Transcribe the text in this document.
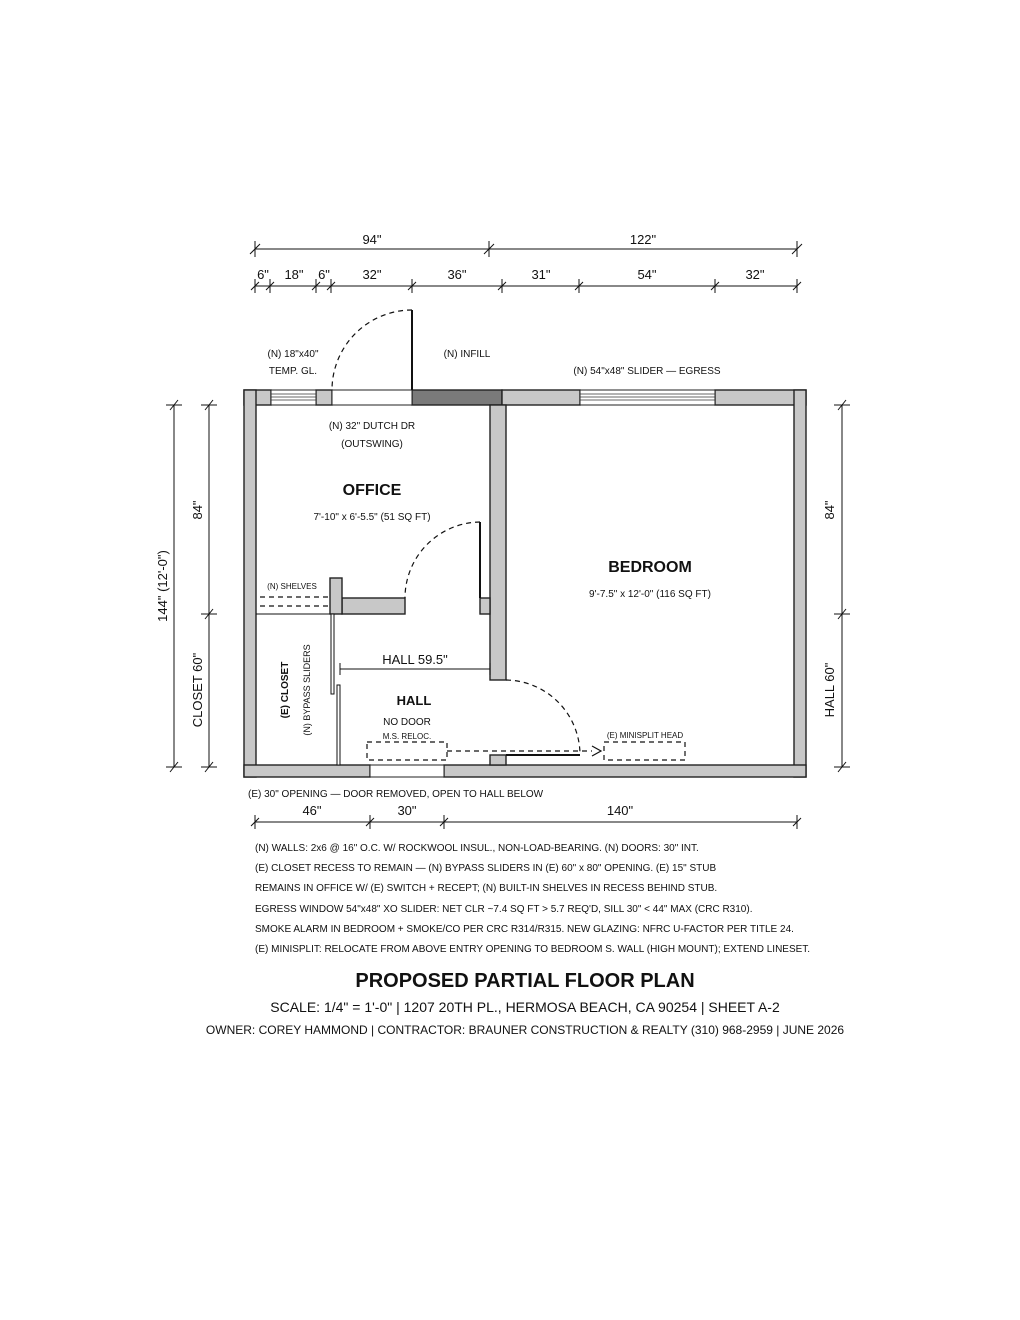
94"	122"
6" 18" 6"	32"	36"	31"	54"	32"
144" (12'-0")
84"
CLOSET 60"
84"
HALL 60"
46"	30"	140"
(N) 18"x40"
TEMP. GL.
(N) INFILL
(N) 54"x48" SLIDER — EGRESS
(N) 32" DUTCH DR
(OUTSWING)
OFFICE
7'-10" x 6'-5.5" (51 SQ FT)
BEDROOM
9'-7.5" x 12'-0" (116 SQ FT)
HALL
(N) SHELVES
(E) CLOSET (N) BYPASS SLIDERS	HALL 59.5"
NO DOOR
M.S. RELOC.	(E) MINISPLIT HEAD
(E) 30" OPENING — DOOR REMOVED, OPEN TO HALL BELOW
(N) WALLS: 2x6 @ 16" O.C. W/ ROCKWOOL INSUL., NON-LOAD-BEARING. (N) DOORS: 30" INT.
(E) CLOSET RECESS TO REMAIN — (N) BYPASS SLIDERS IN (E) 60" x 80" OPENING. (E) 15" STUB
REMAINS IN OFFICE W/ (E) SWITCH + RECEPT; (N) BUILT-IN SHELVES IN RECESS BEHIND STUB.
EGRESS WINDOW 54"x48" XO SLIDER: NET CLR ~7.4 SQ FT > 5.7 REQ'D, SILL 30" < 44" MAX (CRC R310).
SMOKE ALARM IN BEDROOM + SMOKE/CO PER CRC R314/R315. NEW GLAZING: NFRC U-FACTOR PER TITLE 24.
(E) MINISPLIT: RELOCATE FROM ABOVE ENTRY OPENING TO BEDROOM S. WALL (HIGH MOUNT); EXTEND LINESET.
PROPOSED PARTIAL FLOOR PLAN
SCALE: 1/4" = 1'-0" | 1207 20TH PL., HERMOSA BEACH, CA 90254 | SHEET A-2
OWNER: COREY HAMMOND | CONTRACTOR: BRAUNER CONSTRUCTION & REALTY (310) 968-2959 | JUNE 2026
